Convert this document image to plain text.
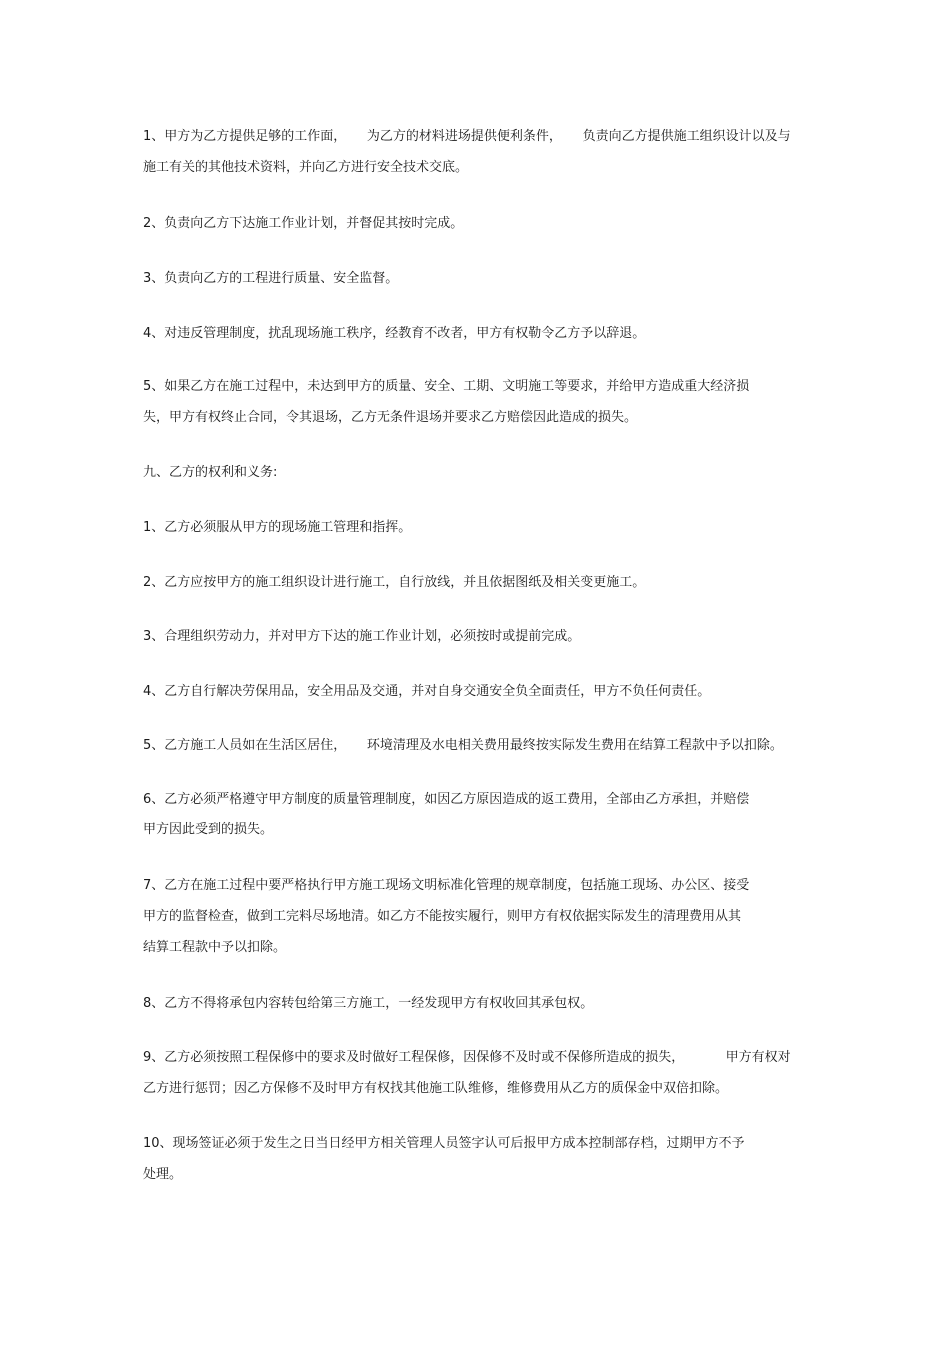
1、甲方为乙方提供足够的工作面，     为乙方的材料进场提供便利条件，     负责向乙方提供施工组织设计以及与

施工有关的其他技术资料，并向乙方进行安全技术交底。

2、负责向乙方下达施工作业计划，并督促其按时完成。

3、负责向乙方的工程进行质量、安全监督。

4、对违反管理制度，扰乱现场施工秩序，经教育不改者，甲方有权勒令乙方予以辞退。

5、如果乙方在施工过程中，未达到甲方的质量、安全、工期、文明施工等要求，并给甲方造成重大经济损

失，甲方有权终止合同，令其退场，乙方无条件退场并要求乙方赔偿因此造成的损失。

九、乙方的权利和义务:

1、乙方必须服从甲方的现场施工管理和指挥。

2、乙方应按甲方的施工组织设计进行施工，自行放线，并且依据图纸及相关变更施工。

3、合理组织劳动力，并对甲方下达的施工作业计划，必须按时或提前完成。

4、乙方自行解决劳保用品，安全用品及交通，并对自身交通安全负全面责任，甲方不负任何责任。

5、乙方施工人员如在生活区居住，     环境清理及水电相关费用最终按实际发生费用在结算工程款中予以扣除。

6、乙方必须严格遵守甲方制度的质量管理制度，如因乙方原因造成的返工费用，全部由乙方承担，并赔偿

甲方因此受到的损失。

7、乙方在施工过程中要严格执行甲方施工现场文明标准化管理的规章制度，包括施工现场、办公区、接受

甲方的监督检查，做到工完料尽场地清。如乙方不能按实履行，则甲方有权依据实际发生的清理费用从其

结算工程款中予以扣除。

8、乙方不得将承包内容转包给第三方施工，一经发现甲方有权收回其承包权。

9、乙方必须按照工程保修中的要求及时做好工程保修，因保修不及时或不保修所造成的损失，          甲方有权对

乙方进行惩罚；因乙方保修不及时甲方有权找其他施工队维修，维修费用从乙方的质保金中双倍扣除。

10、现场签证必须于发生之日当日经甲方相关管理人员签字认可后报甲方成本控制部存档，过期甲方不予

处理。
